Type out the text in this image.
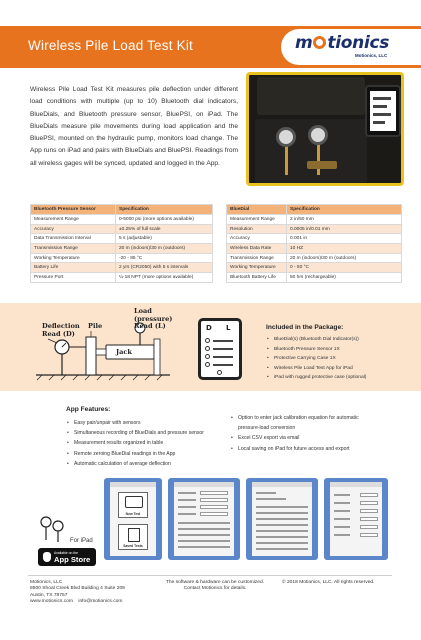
Wireless Pile Load Test Kit	m tionics
Motionics, LLC

Wireless Pile Load Test Kit measures pile deflection under different load conditions with multiple (up to 10) Bluetooth dial indicators, BlueDials, and Bluetooth pressure sensor, BluePSI, on iPad. The BlueDials measure pile movements during load application and the BluePSI, mounted on the hydraulic pump, monitors load change. The App runs on iPad and pairs with BlueDials and BluePSI. Readings from all wireless gages will be synced, updated and logged in the App.

Bluetooth Pressure Sensor	Specification
Measurement Range	0-5000 psi (more options available)
Accuracy	±0.25% of full scale
Data Transmission Interval	5 s (adjustable)
Transmission Range	20 m (indoors)/30 m (outdoors)
Working Temperature	-20 - 85 °C
Battery Life	2 yrs (CR2050) with 5 s intervals
Pressure Port	¼-18 NPT (more options available)
BlueDial	Specification
Measurement Range	2 in/50 mm
Resolution	0.0005 in/0.01 mm
Accuracy	0.001 in
Wireless Data Rate	10 HZ
Transmission Range	20 m (indoors)/30 m (outdoors)
Working Temperature	0 - 50 °C
Bluetooth Battery Life	50 hrs (rechargeable)
Deflection
Read (D)
Pile
Load (pressure)
Read (L)
Jack
D L	Included in the Package:
• BlueDial(s) (Bluetooth Dial Indicator(s))
• Bluetooth Pressure Sensor 1X
• Protective Carrying Case 1X
• Wireless Pile Load Test App for iPad
• iPad with rugged protective case (optional)
App Features:
• Easy pair/unpair with sensors
• Simultaneous recording of BlueDials and pressure sensor
• Measurement results organized in table
• Remote zeroing BlueDial readings in the App
• Automatic calculation of average deflection
• Option to enter jack calibration equation for automatic pressure-load conversion
• Excel CSV export via email
• Local saving on iPad for future access and export
New Test
Saved Tests
For iPad
Available on the
App Store
Motionics, LLC
8500 Shoal Creek Blvd Building 4 Suite 209
Austin, TX 78757
www.motionics.com    info@motionics.com
The software & hardware can be customized.
Contact Motionics for details.
© 2018 Motionics, LLC. All rights reserved.
